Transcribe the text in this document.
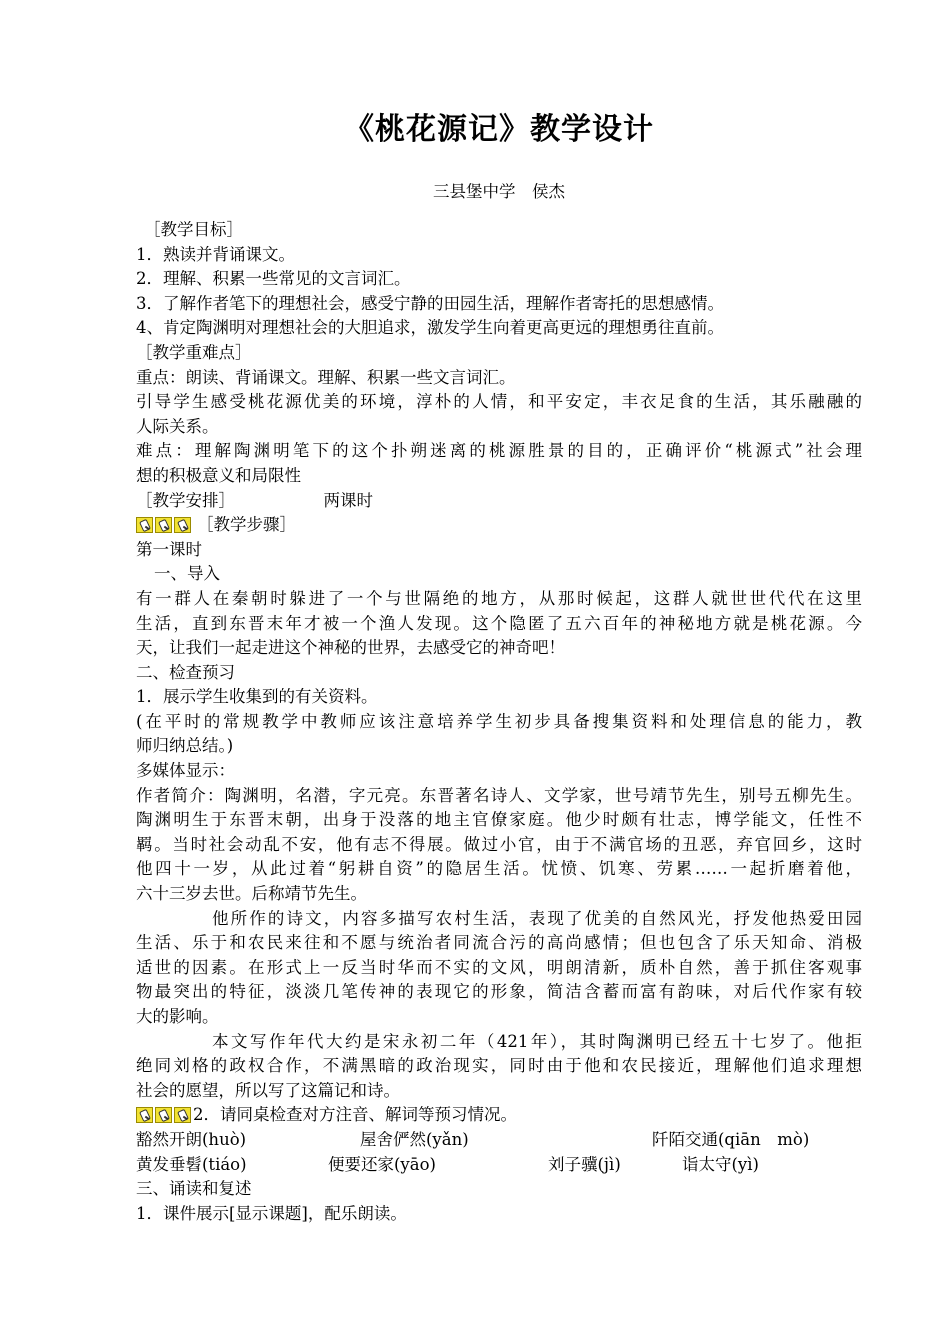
《桃花源记》教学设计
三县堡中学　侯杰
［教学目标］
1．熟读并背诵课文。
2．理解、积累一些常见的文言词汇。
3．了解作者笔下的理想社会，感受宁静的田园生活，理解作者寄托的思想感情。
4、肯定陶渊明对理想社会的大胆追求，激发学生向着更高更远的理想勇往直前。
［教学重难点］
重点：朗读、背诵课文。理解、积累一些文言词汇。
引导学生感受桃花源优美的环境，淳朴的人情，和平安定，丰衣足食的生活，其乐融融的
人际关系。
难点：理解陶渊明笔下的这个扑朔迷离的桃源胜景的目的，正确评价“桃源式”社会理
想的积极意义和局限性
［教学安排］	两课时
［教学步骤］
第一课时
一、导入
有一群人在秦朝时躲进了一个与世隔绝的地方，从那时候起，这群人就世世代代在这里
生活，直到东晋末年才被一个渔人发现。这个隐匿了五六百年的神秘地方就是桃花源。今
天，让我们一起走进这个神秘的世界，去感受它的神奇吧！
二、检查预习
1．展示学生收集到的有关资料。
(在平时的常规教学中教师应该注意培养学生初步具备搜集资料和处理信息的能力，教
师归纳总结。)
多媒体显示：
作者简介：陶渊明，名潜，字元亮。东晋著名诗人、文学家，世号靖节先生，别号五柳先生。
陶渊明生于东晋末朝，出身于没落的地主官僚家庭。他少时颇有壮志，博学能文，任性不
羁。当时社会动乱不安，他有志不得展。做过小官，由于不满官场的丑恶，弃官回乡，这时
他四十一岁，从此过着“躬耕自资”的隐居生活。忧愤、饥寒、劳累……一起折磨着他，
六十三岁去世。后称靖节先生。
他所作的诗文，内容多描写农村生活，表现了优美的自然风光，抒发他热爱田园
生活、乐于和农民来往和不愿与统治者同流合污的高尚感情；但也包含了乐天知命、消极
适世的因素。在形式上一反当时华而不实的文风，明朗清新，质朴自然，善于抓住客观事
物最突出的特征，淡淡几笔传神的表现它的形象，简洁含蓄而富有韵味，对后代作家有较
大的影响。
本文写作年代大约是宋永初二年（421年），其时陶渊明已经五十七岁了。他拒
绝同刘格的政权合作，不满黑暗的政治现实，同时由于他和农民接近，理解他们追求理想
社会的愿望，所以写了这篇记和诗。
2．请同桌检查对方注音、解词等预习情况。
豁然开朗(huò)	屋舍俨然(yǎn)	阡陌交通(qiān　mò)
黄发垂髫(tiáo)	便要还家(yāo)	刘子骥(jì)	诣太守(yì)
三、诵读和复述
1．课件展示[显示课题]，配乐朗读。
